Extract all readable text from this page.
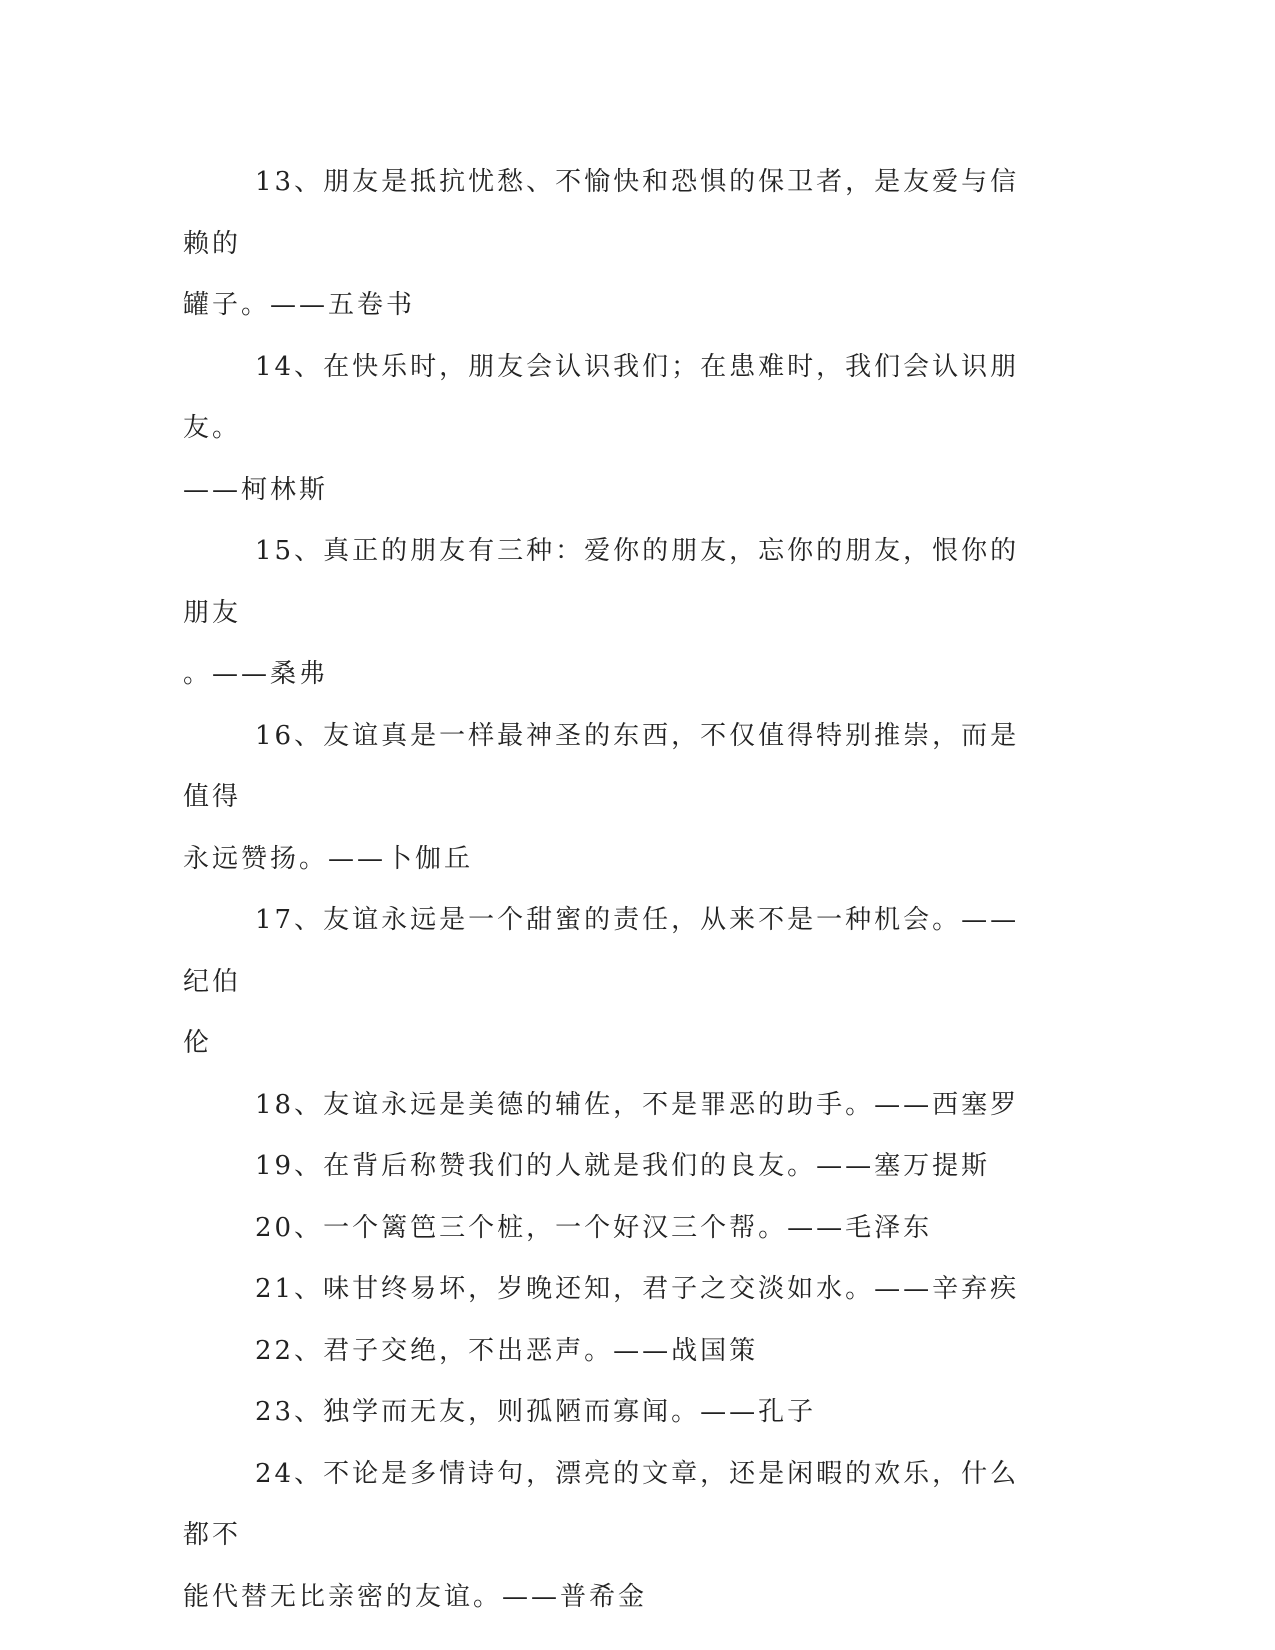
13、朋友是抵抗忧愁、不愉快和恐惧的保卫者，是友爱与信赖的
罐子。——五卷书

14、在快乐时，朋友会认识我们；在患难时，我们会认识朋友。
——柯林斯

15、真正的朋友有三种：爱你的朋友，忘你的朋友，恨你的朋友
。——桑弗

16、友谊真是一样最神圣的东西，不仅值得特别推崇，而是值得
永远赞扬。——卜伽丘

17、友谊永远是一个甜蜜的责任，从来不是一种机会。——纪伯
伦

18、友谊永远是美德的辅佐，不是罪恶的助手。——西塞罗

19、在背后称赞我们的人就是我们的良友。——塞万提斯

20、一个篱笆三个桩，一个好汉三个帮。——毛泽东

21、味甘终易坏，岁晚还知，君子之交淡如水。——辛弃疾

22、君子交绝，不出恶声。——战国策

23、独学而无友，则孤陋而寡闻。——孔子

24、不论是多情诗句，漂亮的文章，还是闲暇的欢乐，什么都不
能代替无比亲密的友谊。——普希金
